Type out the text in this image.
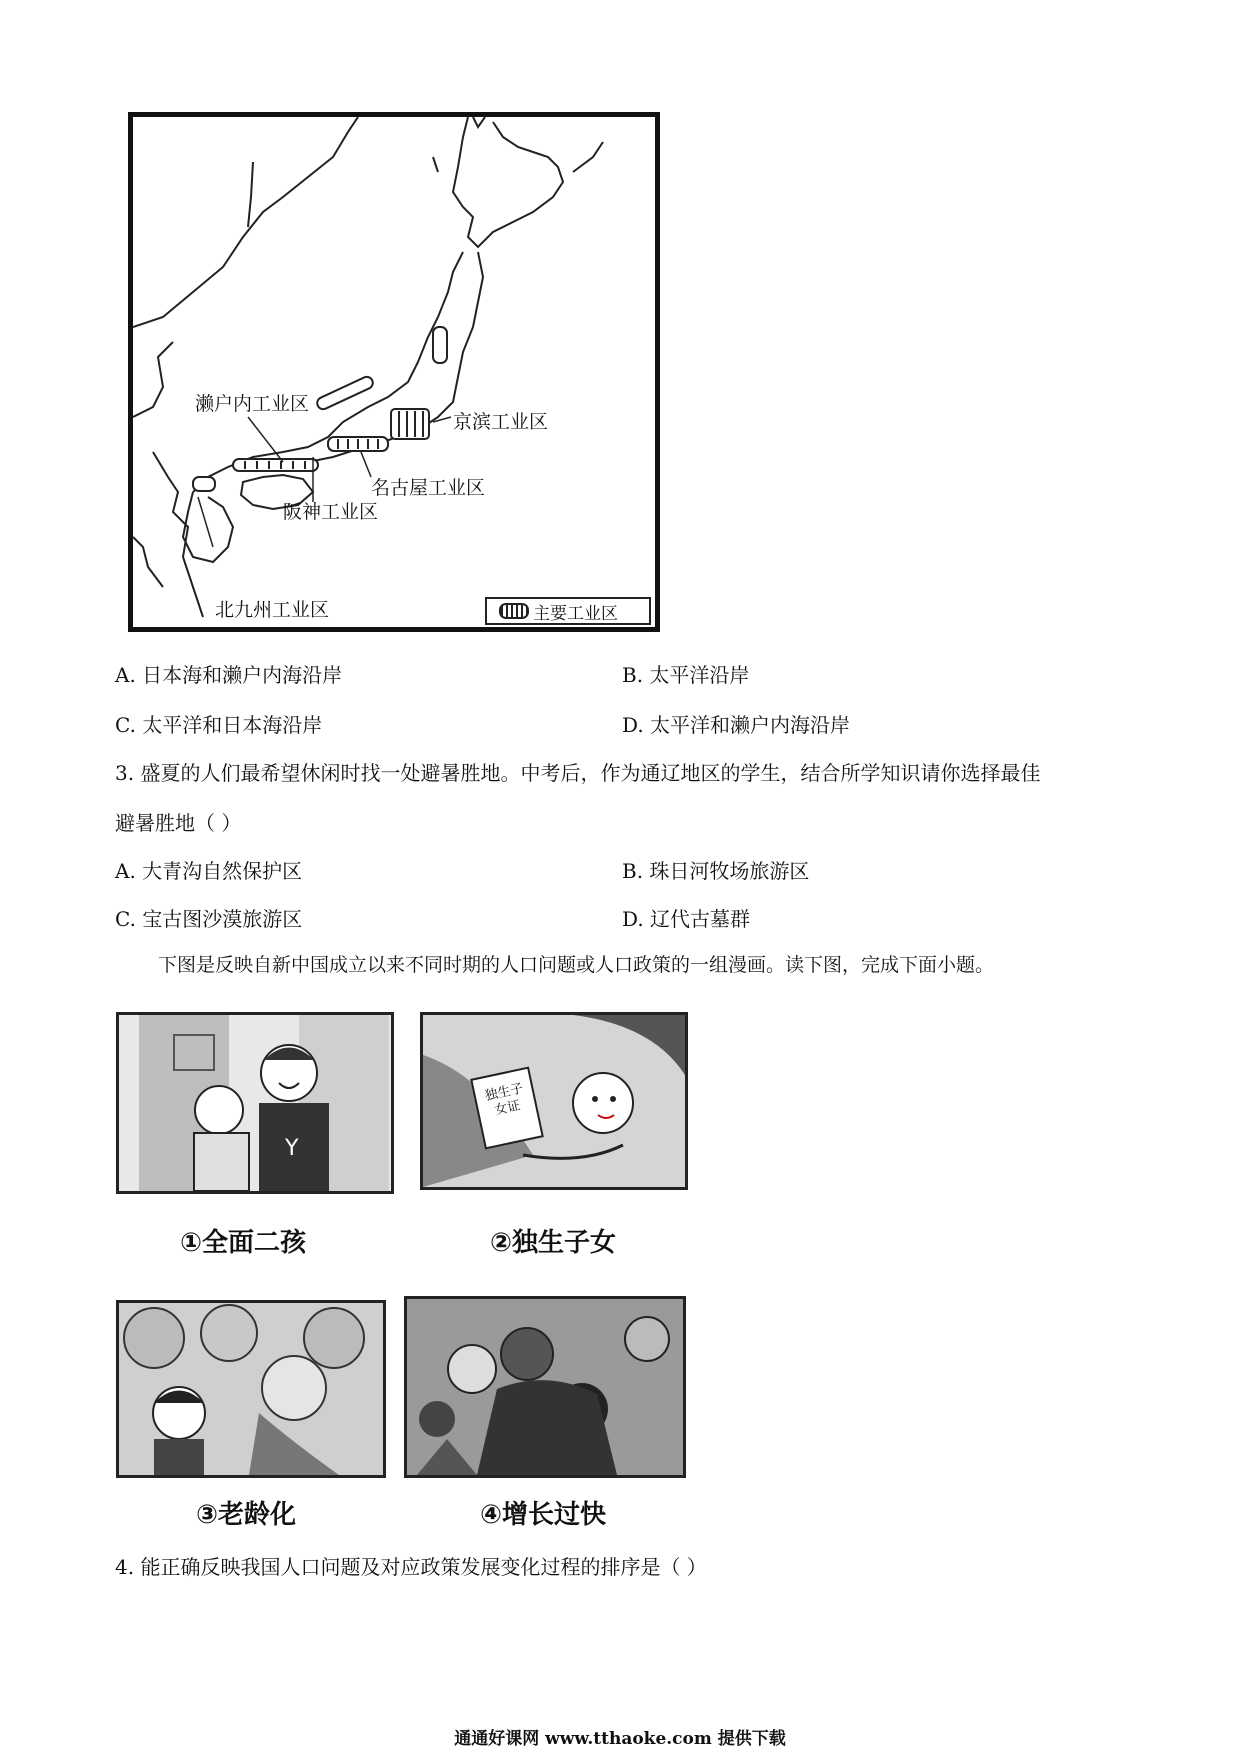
濑户内工业区
京滨工业区
名古屋工业区
阪神工业区
北九州工业区	主要工业区
A. 日本海和濑户内海沿岸	B. 太平洋沿岸
C. 太平洋和日本海沿岸	D. 太平洋和濑户内海沿岸
3. 盛夏的人们最希望休闲时找一处避暑胜地。中考后，作为通辽地区的学生，结合所学知识请你选择最佳
避暑胜地（ ）
A. 大青沟自然保护区	B. 珠日河牧场旅游区
C. 宝古图沙漠旅游区	D. 辽代古墓群
下图是反映自新中国成立以来不同时期的人口问题或人口政策的一组漫画。读下图，完成下面小题。
Y
①全面二孩
独生子女证
②独生子女
③老龄化	④增长过快
4. 能正确反映我国人口问题及对应政策发展变化过程的排序是（ ）
通通好课网 www.tthaoke.com 提供下载
